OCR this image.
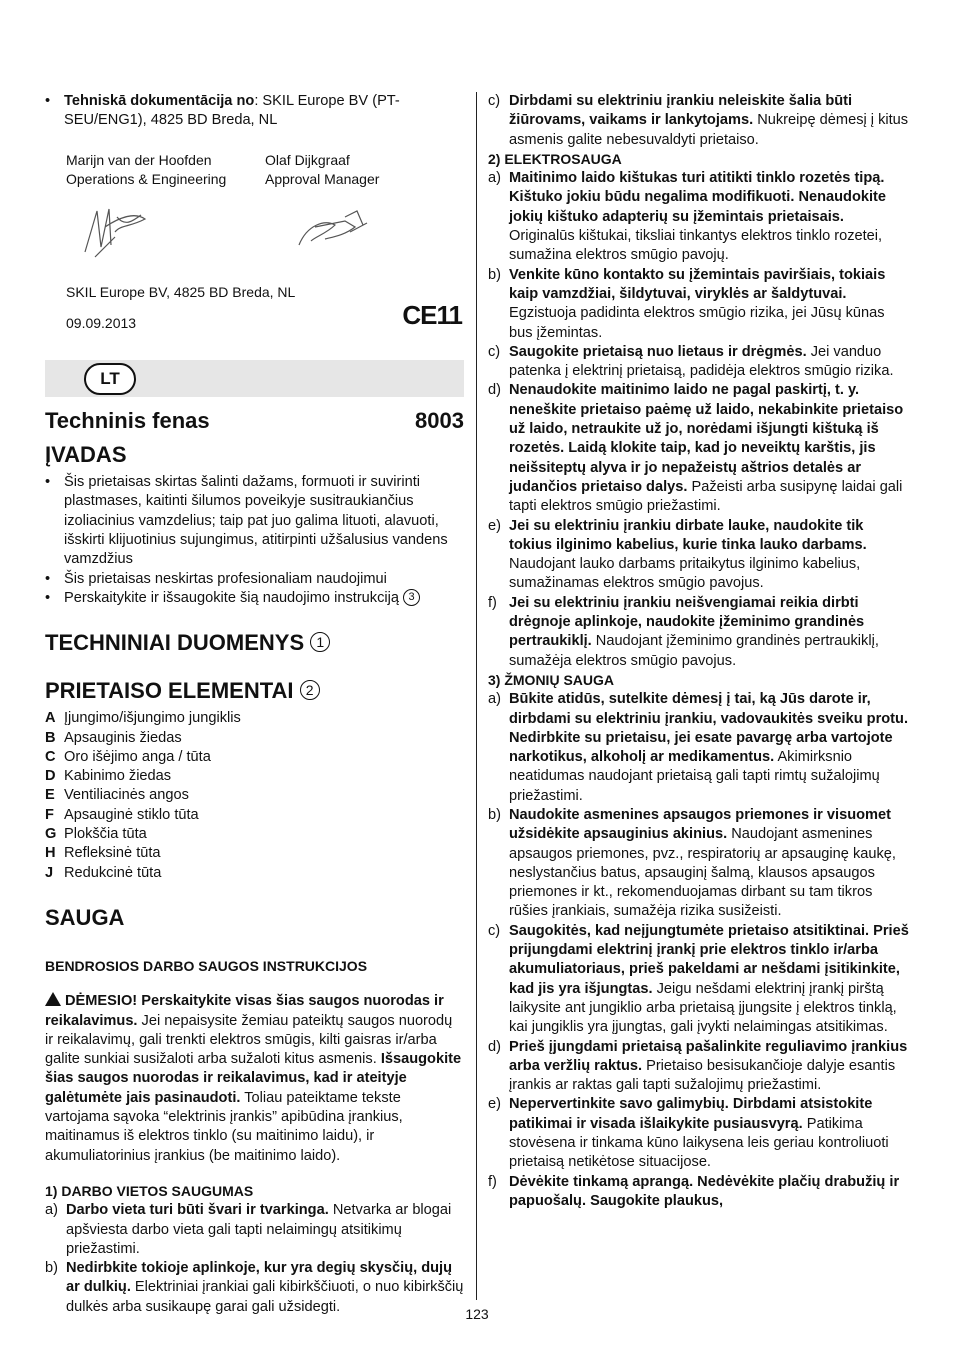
• Tehniskā dokumentācija no: SKIL Europe BV (PT-SEU/ENG1), 4825 BD Breda, NL
Marijn van der Hoofden
Operations & Engineering
Olaf Dijkgraaf
Approval Manager
SKIL Europe BV, 4825 BD Breda, NL
09.09.2013	CE11
LT
Techninis fenas	8003
ĮVADAS
• Šis prietaisas skirtas šalinti dažams, formuoti ir suvirinti plastmases, kaitinti šilumos poveikyje susitraukiančius izoliacinius vamzdelius; taip pat juo galima lituoti, alavuoti, išskirti klijuotinius sujungimus, atitirpinti užšalusius vandens vamzdžius
• Šis prietaisas neskirtas profesionaliam naudojimui
• Perskaitykite ir išsaugokite šią naudojimo instrukciją 3
TECHNINIAI DUOMENYS 1
PRIETAISO ELEMENTAI 2
A Įjungimo/išjungimo jungiklis
B Apsauginis žiedas
C Oro išėjimo anga / tūta
D Kabinimo žiedas
E Ventiliacinės angos
F Apsauginė stiklo tūta
G Plokščia tūta
H Refleksinė tūta
J Redukcinė tūta
SAUGA
BENDROSIOS DARBO SAUGOS INSTRUKCIJOS
DĖMESIO! Perskaitykite visas šias saugos nuorodas ir reikalavimus. Jei nepaisysite žemiau pateiktų saugos nuorodų ir reikalavimų, gali trenkti elektros smūgis, kilti gaisras ir/arba galite sunkiai susižaloti arba sužaloti kitus asmenis. Išsaugokite šias saugos nuorodas ir reikalavimus, kad ir ateityje galėtumėte jais pasinaudoti. Toliau pateiktame tekste vartojama sąvoka “elektrinis įrankis” apibūdina įrankius, maitinamus iš elektros tinklo (su maitinimo laidu), ir akumuliatorinius įrankius (be maitinimo laido).
1) DARBO VIETOS SAUGUMAS
a) Darbo vieta turi būti švari ir tvarkinga. Netvarka ar blogai apšviesta darbo vieta gali tapti nelaimingų atsitikimų priežastimi.
b) Nedirbkite tokioje aplinkoje, kur yra degių skysčių, dujų ar dulkių. Elektriniai įrankiai gali kibirkščiuoti, o nuo kibirkščių dulkės arba susikaupę garai gali užsidegti.
c) Dirbdami su elektriniu įrankiu neleiskite šalia būti žiūrovams, vaikams ir lankytojams. Nukreipę dėmesį į kitus asmenis galite nebesuvaldyti prietaiso.
2) ELEKTROSAUGA
a) Maitinimo laido kištukas turi atitikti tinklo rozetės tipą. Kištuko jokiu būdu negalima modifikuoti. Nenaudokite jokių kištuko adapterių su įžemintais prietaisais. Originalūs kištukai, tiksliai tinkantys elektros tinklo rozetei, sumažina elektros smūgio pavojų.
b) Venkite kūno kontakto su įžemintais paviršiais, tokiais kaip vamzdžiai, šildytuvai, viryklės ar šaldytuvai. Egzistuoja padidinta elektros smūgio rizika, jei Jūsų kūnas bus įžemintas.
c) Saugokite prietaisą nuo lietaus ir drėgmės. Jei vanduo patenka į elektrinį prietaisą, padidėja elektros smūgio rizika.
d) Nenaudokite maitinimo laido ne pagal paskirtį, t. y. neneškite prietaiso paėmę už laido, nekabinkite prietaiso už laido, netraukite už jo, norėdami išjungti kištuką iš rozetės. Laidą klokite taip, kad jo neveiktų karštis, jis neišsiteptų alyva ir jo nepažeistų aštrios detalės ar judančios prietaiso dalys. Pažeisti arba susipynę laidai gali tapti elektros smūgio priežastimi.
e) Jei su elektriniu įrankiu dirbate lauke, naudokite tik tokius ilginimo kabelius, kurie tinka lauko darbams. Naudojant lauko darbams pritaikytus ilginimo kabelius, sumažinamas elektros smūgio pavojus.
f) Jei su elektriniu įrankiu neišvengiamai reikia dirbti drėgnoje aplinkoje, naudokite įžeminimo grandinės pertraukiklį. Naudojant įžeminimo grandinės pertraukiklį, sumažėja elektros smūgio pavojus.
3) ŽMONIŲ SAUGA
a) Būkite atidūs, sutelkite dėmesį į tai, ką Jūs darote ir, dirbdami su elektriniu įrankiu, vadovaukitės sveiku protu. Nedirbkite su prietaisu, jei esate pavargę arba vartojote narkotikus, alkoholį ar medikamentus. Akimirksnio neatidumas naudojant prietaisą gali tapti rimtų sužalojimų priežastimi.
b) Naudokite asmenines apsaugos priemones ir visuomet užsidėkite apsauginius akinius. Naudojant asmenines apsaugos priemones, pvz., respiratorių ar apsauginę kaukę, neslystančius batus, apsauginį šalmą, klausos apsaugos priemones ir kt., rekomenduojamas dirbant su tam tikros rūšies įrankiais, sumažėja rizika susižeisti.
c) Saugokitės, kad neįjungtumėte prietaiso atsitiktinai. Prieš prijungdami elektrinį įrankį prie elektros tinklo ir/arba akumuliatoriaus, prieš pakeldami ar nešdami įsitikinkite, kad jis yra išjungtas. Jeigu nešdami elektrinį įrankį pirštą laikysite ant jungiklio arba prietaisą įjungsite į elektros tinklą, kai jungiklis yra įjungtas, gali įvykti nelaimingas atsitikimas.
d) Prieš įjungdami prietaisą pašalinkite reguliavimo įrankius arba veržlių raktus. Prietaiso besisukančioje dalyje esantis įrankis ar raktas gali tapti sužalojimų priežastimi.
e) Nepervertinkite savo galimybių. Dirbdami atsistokite patikimai ir visada išlaikykite pusiausvyrą. Patikima stovėsena ir tinkama kūno laikysena leis geriau kontroliuoti prietaisą netikėtose situacijose.
f) Dėvėkite tinkamą aprangą. Nedėvėkite plačių drabužių ir papuošalų. Saugokite plaukus,
123
